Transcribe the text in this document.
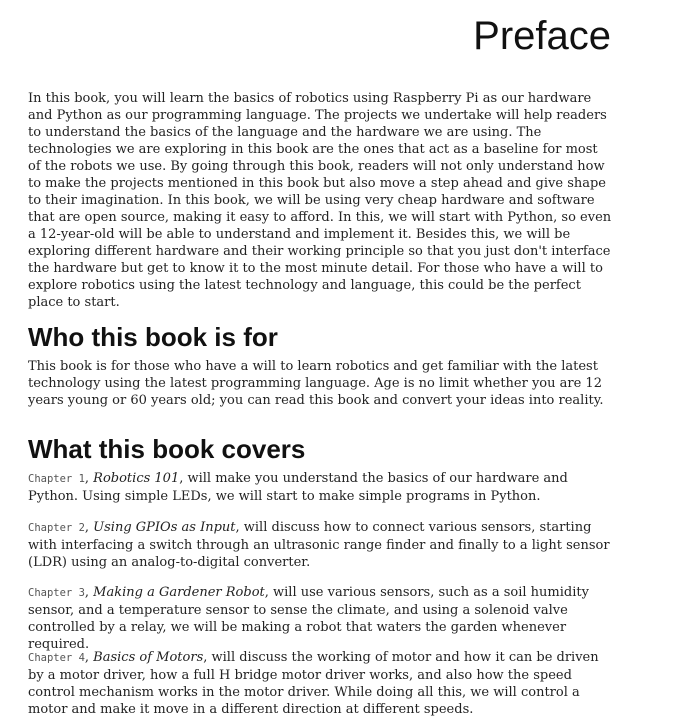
Preface

In this book, you will learn the basics of robotics using Raspberry Pi as our hardware and Python as our programming language. The projects we undertake will help readers to understand the basics of the language and the hardware we are using. The technologies we are exploring in this book are the ones that act as a baseline for most of the robots we use. By going through this book, readers will not only understand how to make the projects mentioned in this book but also move a step ahead and give shape to their imagination. In this book, we will be using very cheap hardware and software that are open source, making it easy to afford. In this, we will start with Python, so even a 12-year-old will be able to understand and implement it. Besides this, we will be exploring different hardware and their working principle so that you just don't interface the hardware but get to know it to the most minute detail. For those who have a will to explore robotics using the latest technology and language, this could be the perfect place to start.

Who this book is for

This book is for those who have a will to learn robotics and get familiar with the latest technology using the latest programming language. Age is no limit whether you are 12 years young or 60 years old; you can read this book and convert your ideas into reality.

What this book covers

Chapter 1, Robotics 101, will make you understand the basics of our hardware and Python. Using simple LEDs, we will start to make simple programs in Python.

Chapter 2, Using GPIOs as Input, will discuss how to connect various sensors, starting with interfacing a switch through an ultrasonic range finder and finally to a light sensor (LDR) using an analog-to-digital converter.

Chapter 3, Making a Gardener Robot, will use various sensors, such as a soil humidity sensor, and a temperature sensor to sense the climate, and using a solenoid valve controlled by a relay, we will be making a robot that waters the garden whenever required.

Chapter 4, Basics of Motors, will discuss the working of motor and how it can be driven by a motor driver, how a full H bridge motor driver works, and also how the speed control mechanism works in the motor driver. While doing all this, we will control a motor and make it move in a different direction at different speeds.
